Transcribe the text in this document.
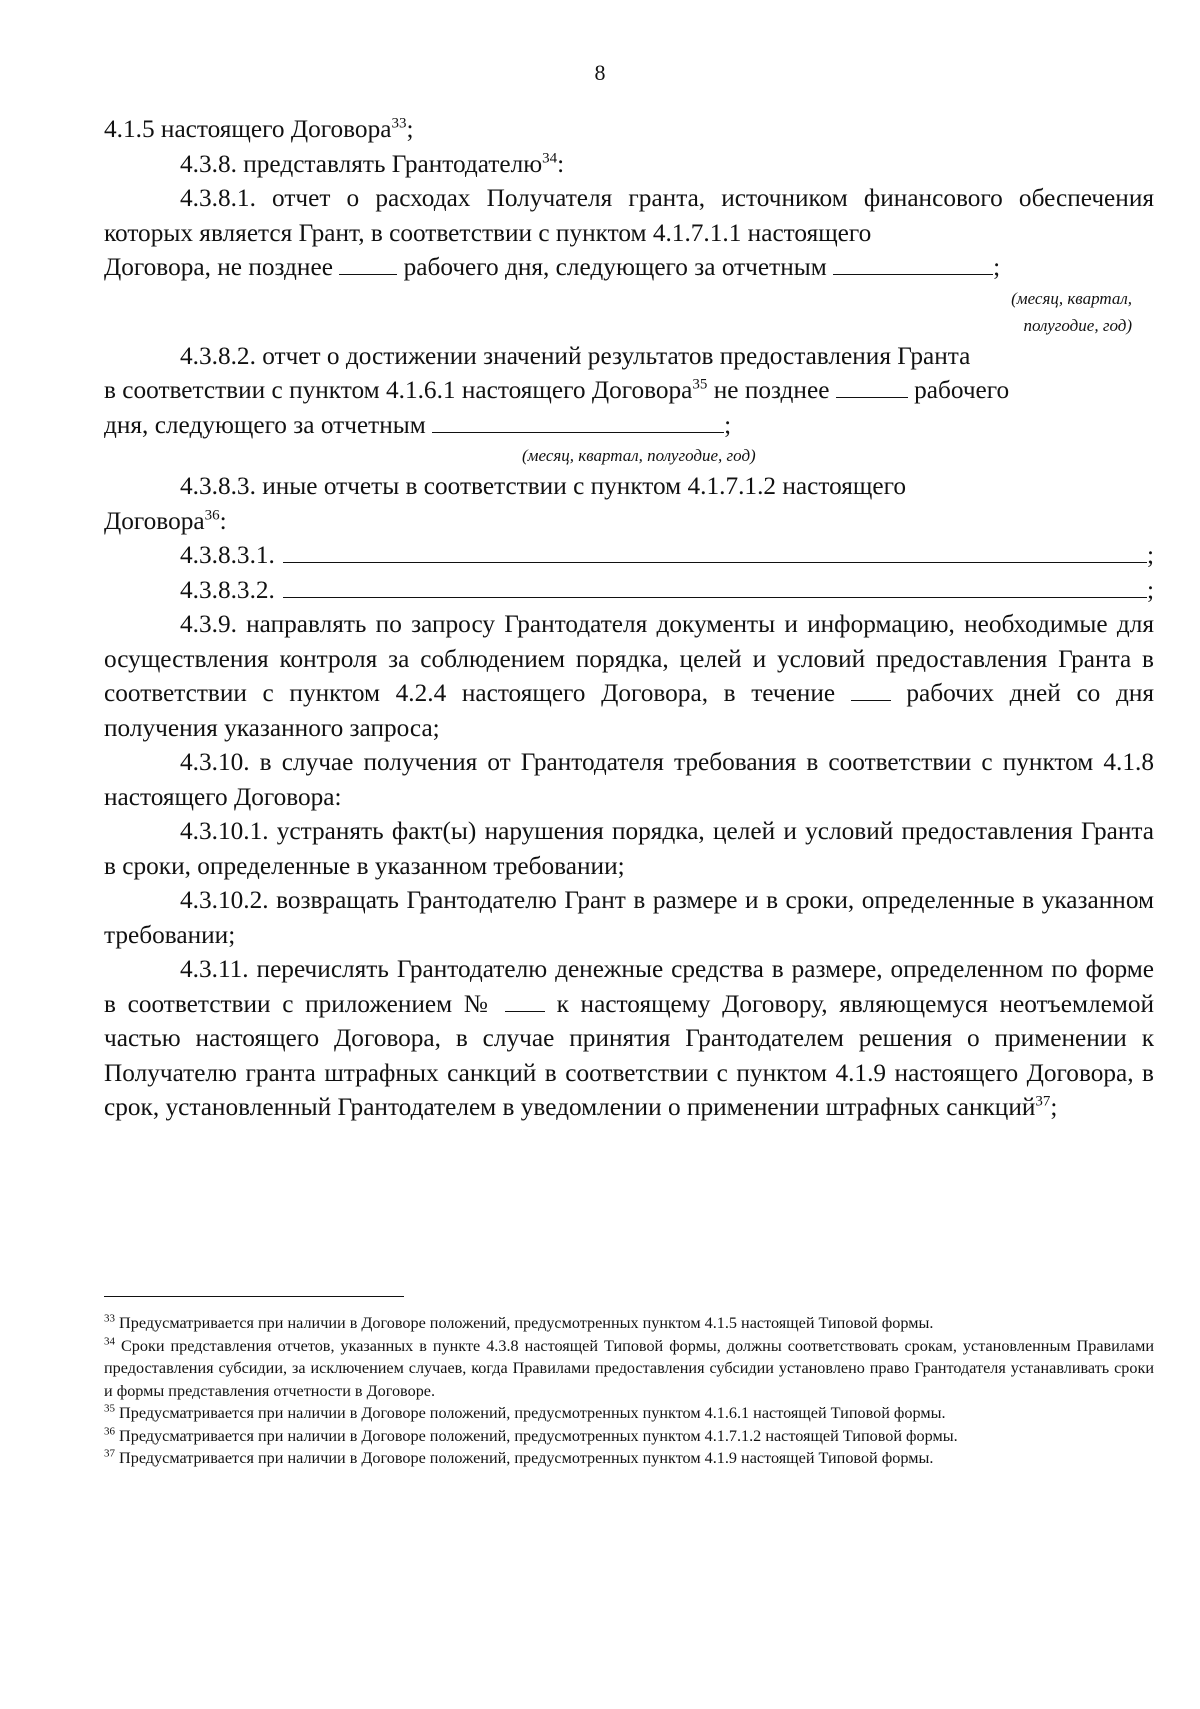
8

4.1.5 настоящего Договора$^{33}$;

4.3.8. представлять Грантодателю$^{34}$:

4.3.8.1. отчет о расходах Получателя гранта, источником финансового обеспечения которых является Грант, в соответствии с пунктом 4.1.7.1.1 настоящего
Договора, не позднее	рабочего дня, следующего за отчетным	;

(месяц, квартал,
полугодие, год)

4.3.8.2. отчет о достижении значений результатов предоставления Гранта
в соответствии с пунктом 4.1.6.1 настоящего Договора$^{35}$ не позднее	рабочего
дня, следующего за отчетным	;

(месяц, квартал, полугодие, год)

4.3.8.3. иные отчеты в соответствии с пунктом 4.1.7.1.2 настоящего
Договора$^{36}$:

4.3.8.3.1.	;
4.3.8.3.2.	;

4.3.9. направлять по запросу Грантодателя документы и информацию, необходимые для осуществления контроля за соблюдением порядка, целей и условий предоставления Гранта в соответствии с пунктом 4.2.4 настоящего Договора, в течение	рабочих дней со дня получения указанного запроса;

4.3.10. в случае получения от Грантодателя требования в соответствии с пунктом 4.1.8 настоящего Договора:

4.3.10.1. устранять факт(ы) нарушения порядка, целей и условий предоставления Гранта в сроки, определенные в указанном требовании;

4.3.10.2. возвращать Грантодателю Грант в размере и в сроки, определенные в указанном требовании;

4.3.11. перечислять Грантодателю денежные средства в размере, определенном по форме в соответствии с приложением №	к настоящему Договору, являющемуся неотъемлемой частью настоящего Договора, в случае принятия Грантодателем решения о применении к Получателю гранта штрафных санкций в соответствии с пунктом 4.1.9 настоящего Договора, в срок, установленный Грантодателем в уведомлении о применении штрафных санкций$^{37}$;

$^{33}$ Предусматривается при наличии в Договоре положений, предусмотренных пунктом 4.1.5 настоящей Типовой формы.

$^{34}$ Сроки представления отчетов, указанных в пункте 4.3.8 настоящей Типовой формы, должны соответствовать срокам, установленным Правилами предоставления субсидии, за исключением случаев, когда Правилами предоставления субсидии установлено право Грантодателя устанавливать сроки и формы представления отчетности в Договоре.

$^{35}$ Предусматривается при наличии в Договоре положений, предусмотренных пунктом 4.1.6.1 настоящей Типовой формы.

$^{36}$ Предусматривается при наличии в Договоре положений, предусмотренных пунктом 4.1.7.1.2 настоящей Типовой формы.

$^{37}$ Предусматривается при наличии в Договоре положений, предусмотренных пунктом 4.1.9 настоящей Типовой формы.
